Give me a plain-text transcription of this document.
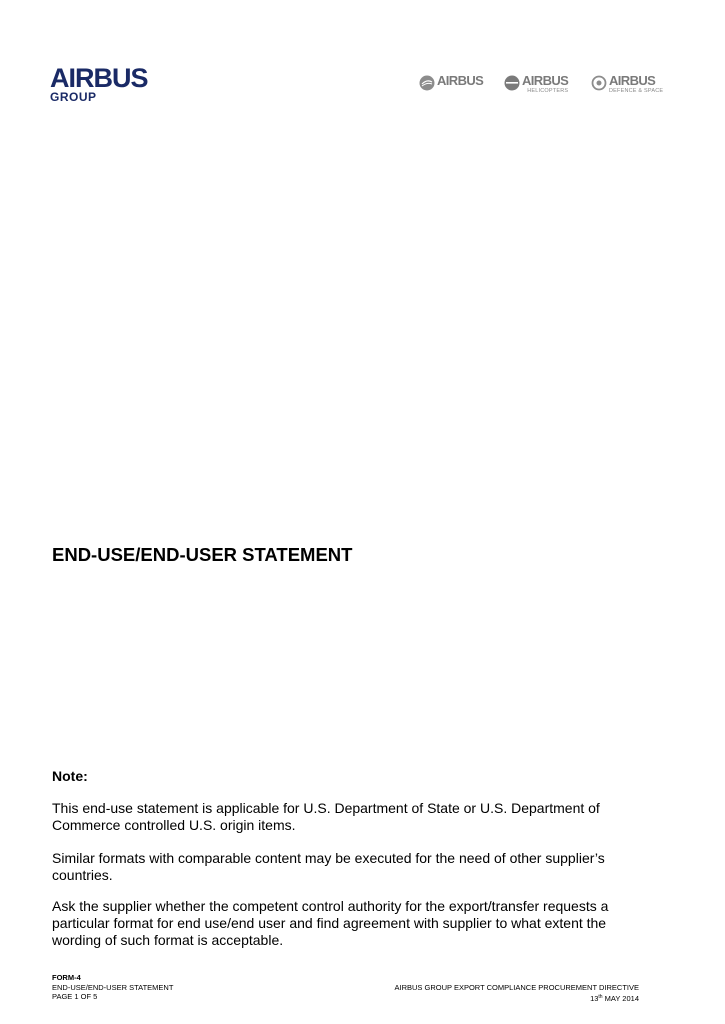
AIRBUS
GROUP
AIRBUS	AIRBUS
HELICOPTERS
AIRBUS
DEFENCE & SPACE
END-USE/END-USER STATEMENT
Note:

This end-use statement is applicable for U.S. Department of State or U.S. Department of Commerce controlled U.S. origin items.

Similar formats with comparable content may be executed for the need of other supplier’s countries.

Ask the supplier whether the competent control authority for the export/transfer requests a particular format for end use/end user and find agreement with supplier to what extent the wording of such format is acceptable.

FORM-4
END-USE/END-USER STATEMENT
PAGE 1 OF 5
AIRBUS GROUP EXPORT COMPLIANCE PROCUREMENT DIRECTIVE
13th MAY 2014
